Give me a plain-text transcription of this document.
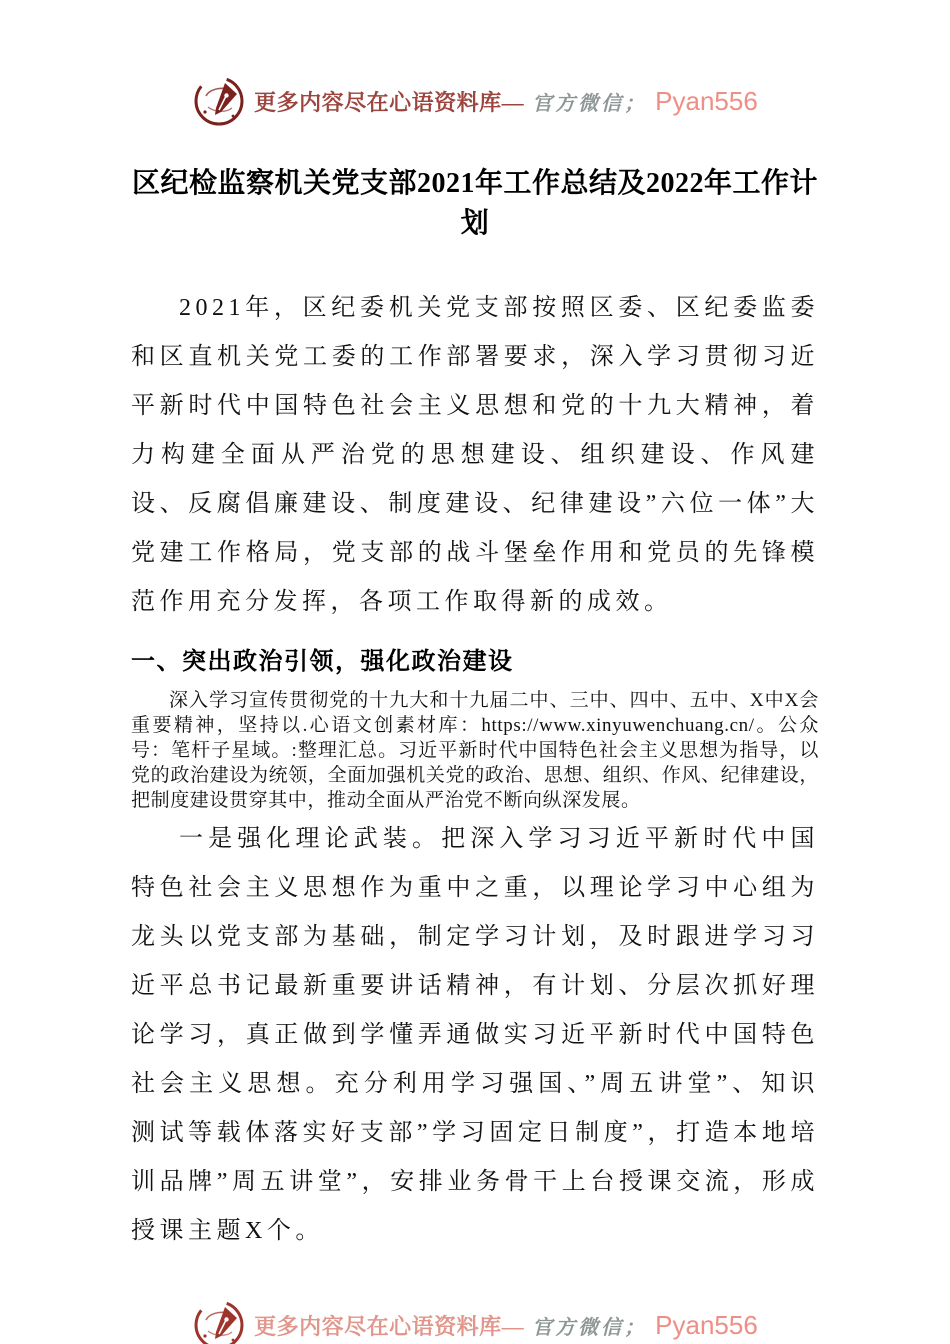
更多内容尽在心语资料库— 官方微信； Pyan556
区纪检监察机关党支部2021年工作总结及2022年工作计划

2021年，区纪委机关党支部按照区委、区纪委监委和区直机关党工委的工作部署要求，深入学习贯彻习近平新时代中国特色社会主义思想和党的十九大精神，着力构建全面从严治党的思想建设、组织建设、作风建设、反腐倡廉建设、制度建设、纪律建设”六位一体”大党建工作格局，党支部的战斗堡垒作用和党员的先锋模范作用充分发挥，各项工作取得新的成效。

一、突出政治引领，强化政治建设

深入学习宣传贯彻党的十九大和十九届二中、三中、四中、五中、X中X会重要精神，坚持以.心语文创素材库：https://www.xinyuwenchuang.cn/。公众号：笔杆子星域。:整理汇总。习近平新时代中国特色社会主义思想为指导，以党的政治建设为统领，全面加强机关党的政治、思想、组织、作风、纪律建设，把制度建设贯穿其中，推动全面从严治党不断向纵深发展。

一是强化理论武装。把深入学习习近平新时代中国特色社会主义思想作为重中之重，以理论学习中心组为龙头以党支部为基础，制定学习计划，及时跟进学习习近平总书记最新重要讲话精神，有计划、分层次抓好理论学习，真正做到学懂弄通做实习近平新时代中国特色社会主义思想。充分利用学习强国、”周五讲堂”、知识测试等载体落实好支部”学习固定日制度”，打造本地培训品牌”周五讲堂”，安排业务骨干上台授课交流，形成授课主题X个。

更多内容尽在心语资料库— 官方微信； Pyan556
